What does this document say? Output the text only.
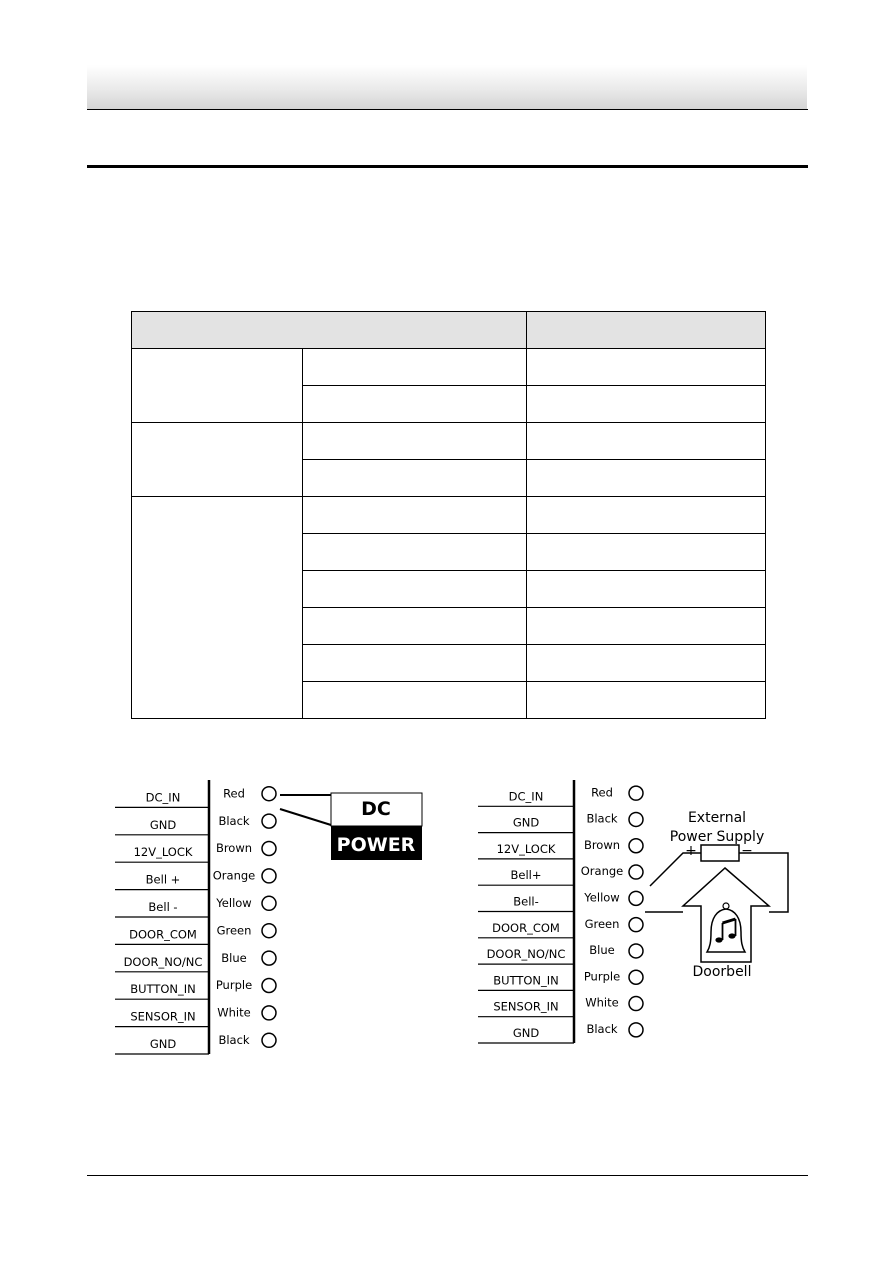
DC_IN	Red
GND	Black
12V_LOCK Brown
Bell +	Orange
Bell -	Yellow
DOOR_COM Green
DOOR_NO/NC Blue
BUTTON_IN Purple
SENSOR_IN White
GND	Black
DC
POWER
DC_IN	Red
GND	Black
12V_LOCK Brown
Bell+	Orange
Bell-	Yellow
DOOR_COM Green
DOOR_NO/NC Blue
BUTTON_IN Purple
SENSOR_IN White
GND	Black
External
Power Supply
+	−
Doorbell
